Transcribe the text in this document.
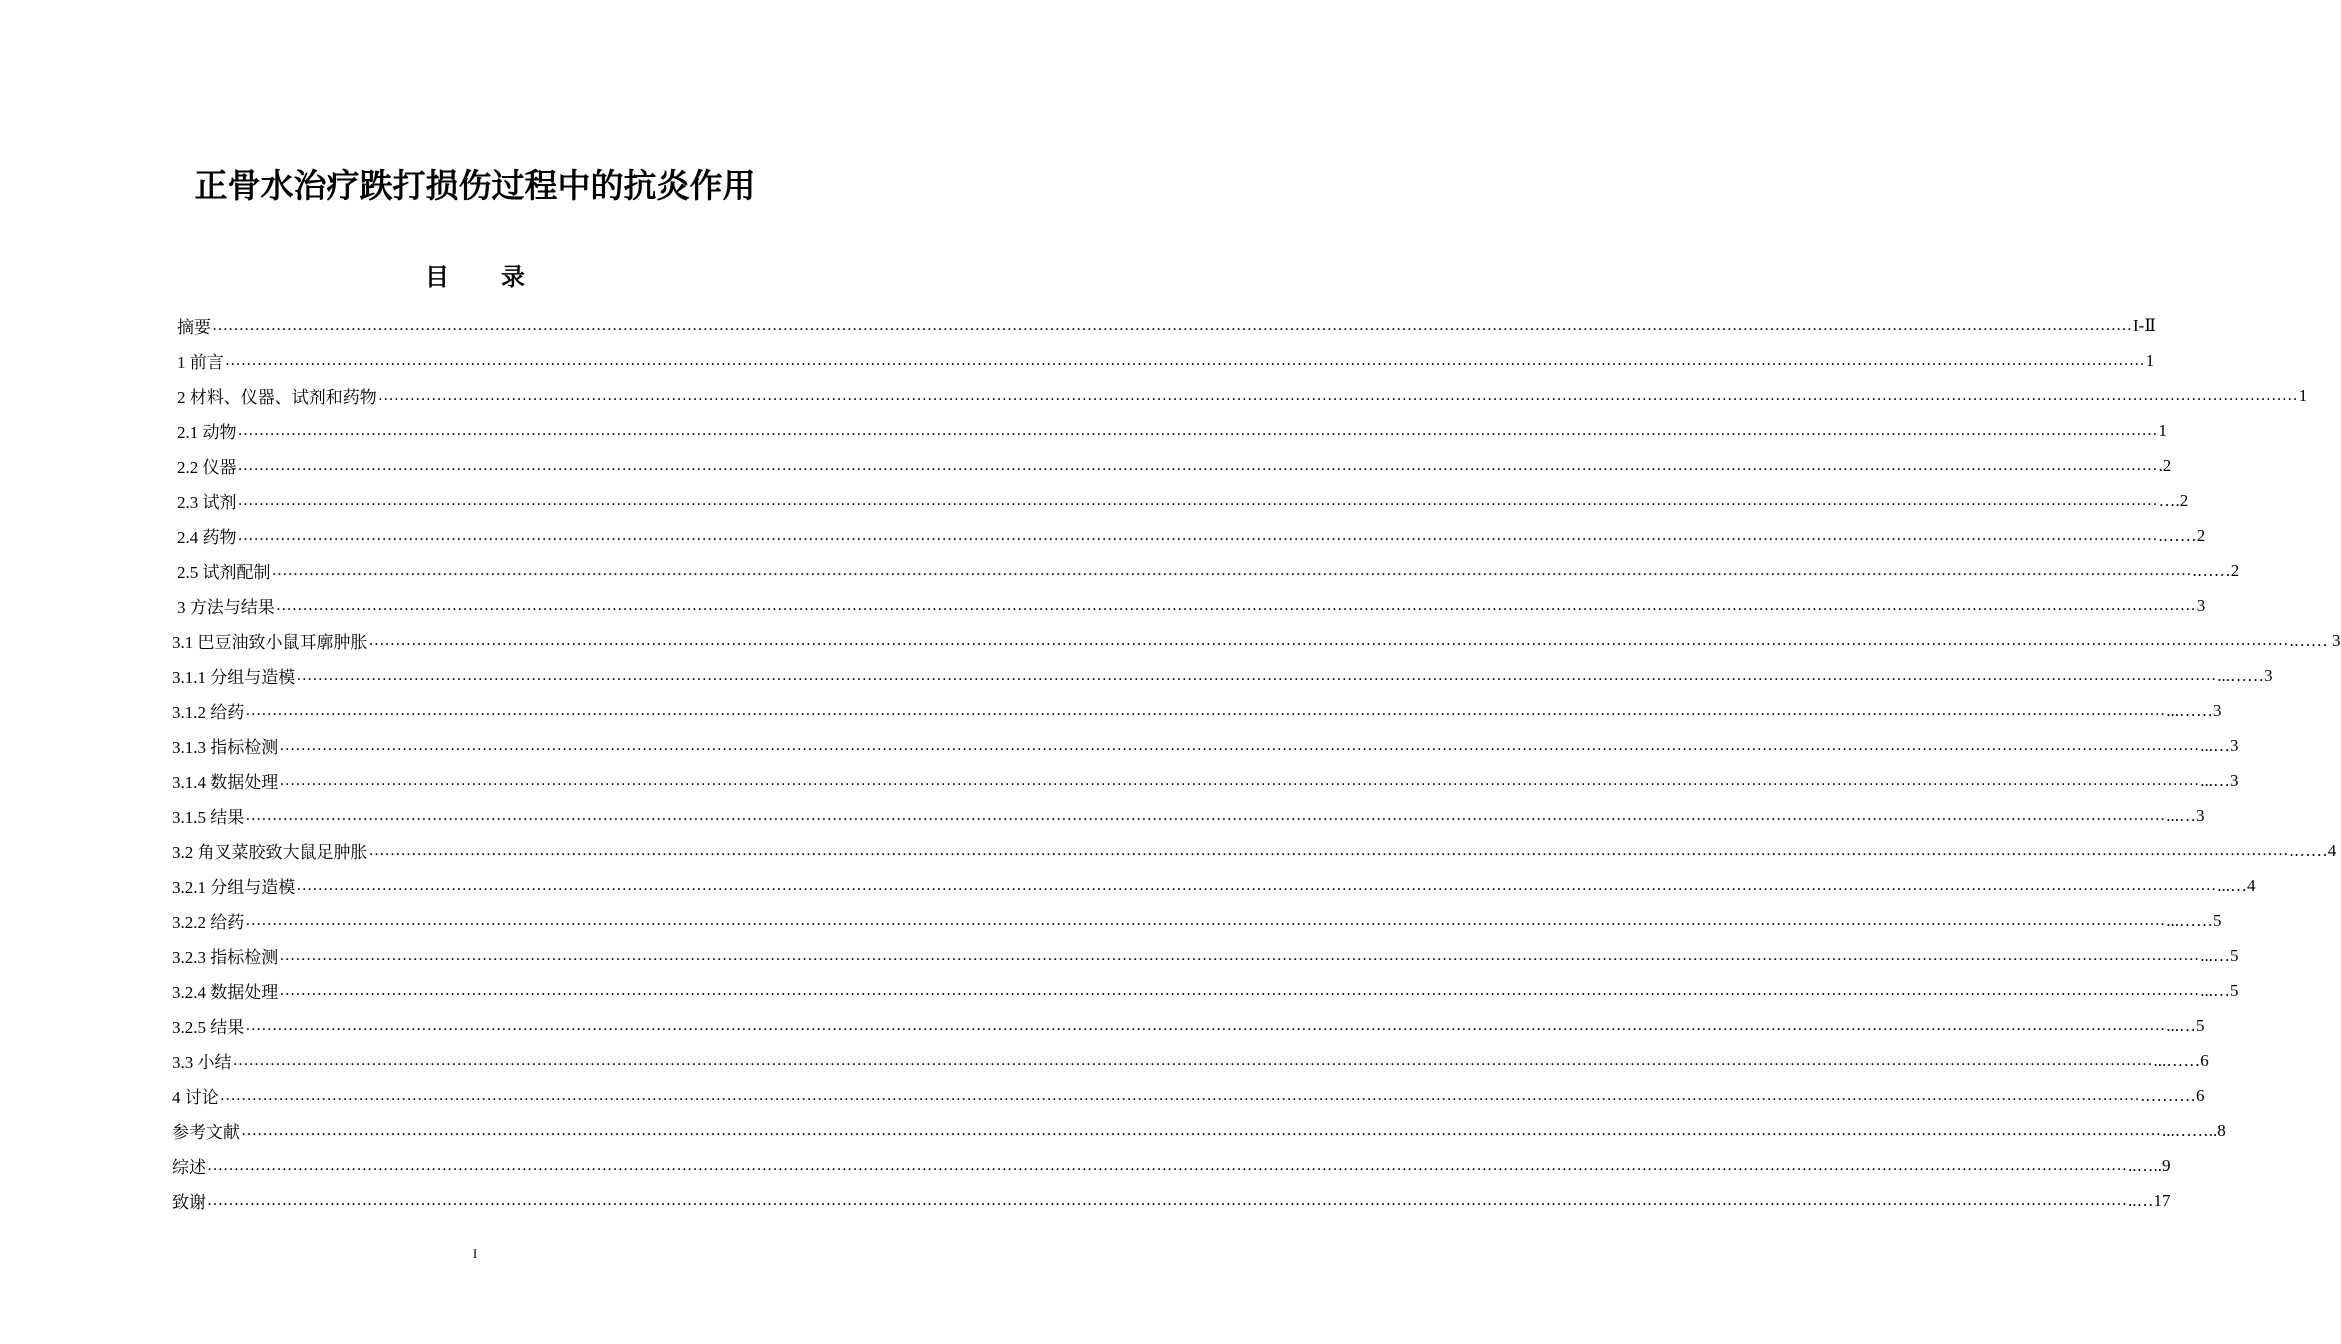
正骨水治疗跌打损伤过程中的抗炎作用
目 录
摘要 ……………………………………………………………………………………………………………………………………………………………………………………………………………………………………………………………………………………………………………………………… I-Ⅱ
1 前言 ……………………………………………………………………………………………………………………………………………………………………………………………………………………………………………………………………………………………………………………………… 1
2 材料、仪器、试剂和药物 ……………………………………………………………………………………………………………………………………………………………………………………………………………………………………………………………………………………………………………………………… 1
2.1 动物 ……………………………………………………………………………………………………………………………………………………………………………………………………………………………………………………………………………………………………………………………… 1
2.2 仪器 ……………………………………………………………………………………………………………………………………………………………………………………………………………………………………………………………………………………………………………………………… .2
2.3 试剂 ……………………………………………………………………………………………………………………………………………………………………………………………………………………………………………………………………………………………………………………………… ….2
2.4 药物 ……………………………………………………………………………………………………………………………………………………………………………………………………………………………………………………………………………………………………………………………… .……2
2.5 试剂配制 ……………………………………………………………………………………………………………………………………………………………………………………………………………………………………………………………………………………………………………………………… .……2
3 方法与结果 ……………………………………………………………………………………………………………………………………………………………………………………………………………………………………………………………………………………………………………………………… 3
3.1 巴豆油致小鼠耳廓肿胀 ……………………………………………………………………………………………………………………………………………………………………………………………………………………………………………………………………………………………………………………………… .…… 3
3.1.1 分组与造模 ……………………………………………………………………………………………………………………………………………………………………………………………………………………………………………………………………………………………………………………………… ...……3
3.1.2 给药 ……………………………………………………………………………………………………………………………………………………………………………………………………………………………………………………………………………………………………………………………… ...……3
3.1.3 指标检测 ……………………………………………………………………………………………………………………………………………………………………………………………………………………………………………………………………………………………………………………………… ...…3
3.1.4 数据处理 ……………………………………………………………………………………………………………………………………………………………………………………………………………………………………………………………………………………………………………………………… ...…3
3.1.5 结果 ……………………………………………………………………………………………………………………………………………………………………………………………………………………………………………………………………………………………………………………………… ...…3
3.2 角叉菜胶致大鼠足肿胀 ……………………………………………………………………………………………………………………………………………………………………………………………………………………………………………………………………………………………………………………………… .……4
3.2.1 分组与造模 ……………………………………………………………………………………………………………………………………………………………………………………………………………………………………………………………………………………………………………………………… ...…4
3.2.2 给药 ……………………………………………………………………………………………………………………………………………………………………………………………………………………………………………………………………………………………………………………………… ...……5
3.2.3 指标检测 ……………………………………………………………………………………………………………………………………………………………………………………………………………………………………………………………………………………………………………………………… ...…5
3.2.4 数据处理 ……………………………………………………………………………………………………………………………………………………………………………………………………………………………………………………………………………………………………………………………… ...…5
3.2.5 结果 ……………………………………………………………………………………………………………………………………………………………………………………………………………………………………………………………………………………………………………………………… ...…5
3.3 小结 ……………………………………………………………………………………………………………………………………………………………………………………………………………………………………………………………………………………………………………………………… ...……6
4 讨论 ……………………………………………………………………………………………………………………………………………………………………………………………………………………………………………………………………………………………………………………………… .………6
参考文献 ……………………………………………………………………………………………………………………………………………………………………………………………………………………………………………………………………………………………………………………………… ...……..8
综述 ……………………………………………………………………………………………………………………………………………………………………………………………………………………………………………………………………………………………………………………………… ..…..9
致谢 ……………………………………………………………………………………………………………………………………………………………………………………………………………………………………………………………………………………………………………………………… ..…17
I
